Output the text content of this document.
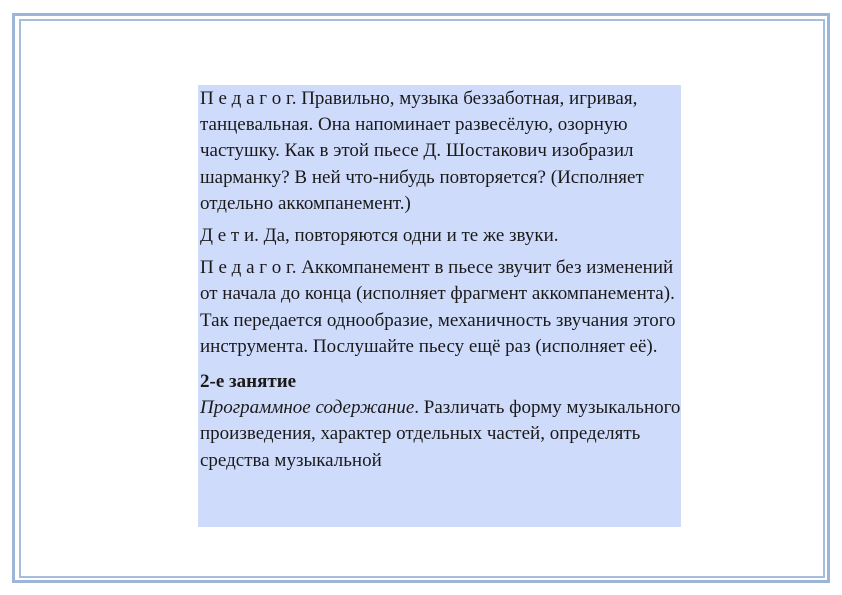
П е д а г о г. Правильно, музыка беззаботная, игривая, танцевальная. Она напоминает развесёлую, озорную частушку. Как в этой пьесе Д. Шостакович изобразил шарманку? В ней что-нибудь повторяется? (Исполняет отдельно аккомпанемент.)

Д е т и. Да, повторяются одни и те же звуки.

П е д а г о г. Аккомпанемент в пьесе звучит без изменений от начала до конца (исполняет фрагмент аккомпанемента). Так передается однообразие, механичность звучания этого инструмента. Послушайте пьесу ещё раз (исполняет её).

2-е занятие

Программное содержание. Различать форму музыкального произведения, характер отдельных частей, определять средства музыкальной
